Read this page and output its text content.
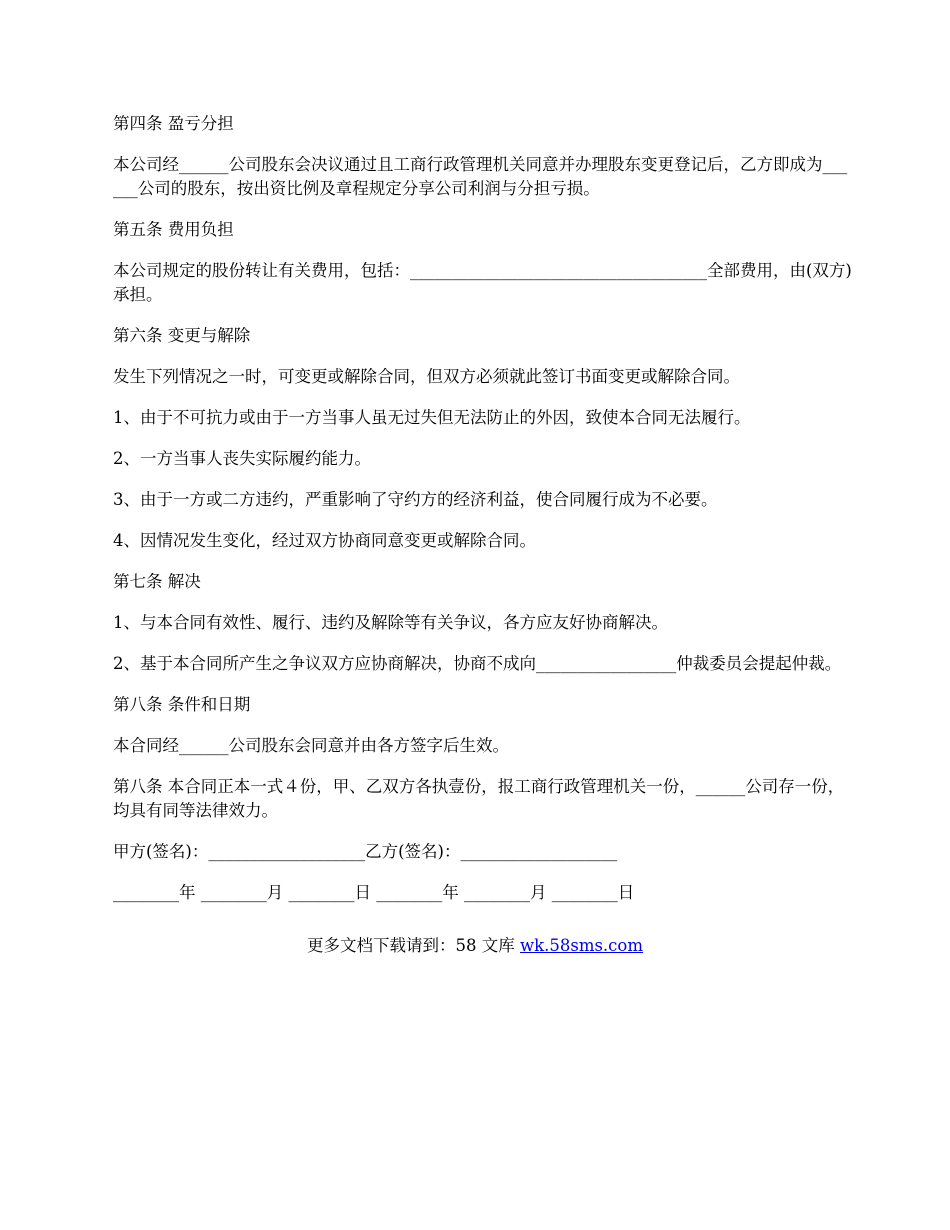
第四条 盈亏分担

本公司经______公司股东会决议通过且工商行政管理机关同意并办理股东变更登记后，乙方即成为______公司的股东，按出资比例及章程规定分享公司利润与分担亏损。

第五条 费用负担

本公司规定的股份转让有关费用，包括：____________________________________全部费用，由(双方)承担。

第六条 变更与解除

发生下列情况之一时，可变更或解除合同，但双方必须就此签订书面变更或解除合同。

1、由于不可抗力或由于一方当事人虽无过失但无法防止的外因，致使本合同无法履行。

2、一方当事人丧失实际履约能力。

3、由于一方或二方违约，严重影响了守约方的经济利益，使合同履行成为不必要。

4、因情况发生变化，经过双方协商同意变更或解除合同。

第七条 解决

1、与本合同有效性、履行、违约及解除等有关争议，各方应友好协商解决。

2、基于本合同所产生之争议双方应协商解决，协商不成向_________________仲裁委员会提起仲裁。

第八条 条件和日期

本合同经______公司股东会同意并由各方签字后生效。

第八条 本合同正本一式４份，甲、乙双方各执壹份，报工商行政管理机关一份，______公司存一份，均具有同等法律效力。

甲方(签名)：___________________乙方(签名)：___________________

________年 ________月 ________日 ________年 ________月 ________日

更多文档下载请到：58 文库 wk.58sms.com
